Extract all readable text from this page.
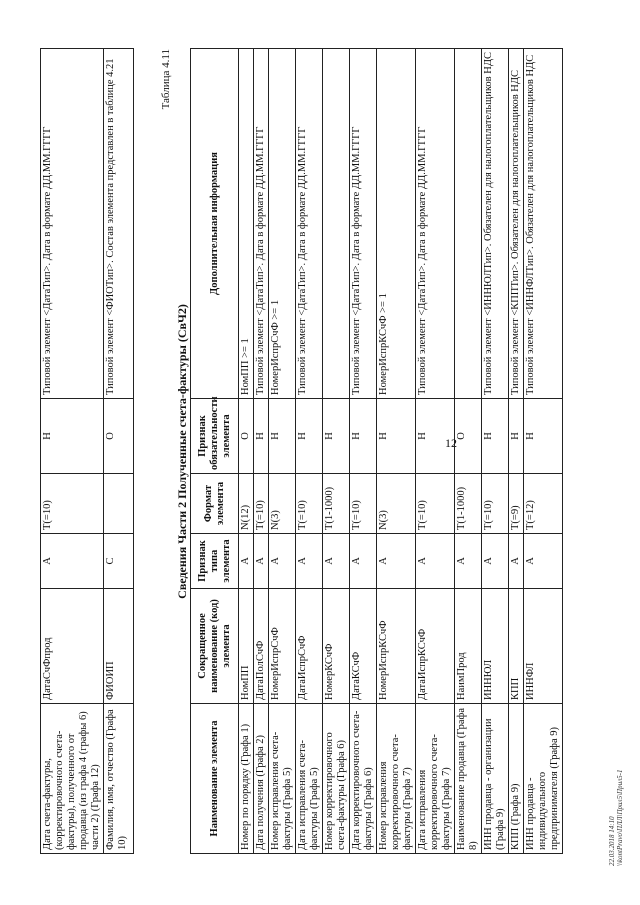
12
Дата счета-фактуры, (корректировочного счета-фактуры), полученного от продавца (из графа 4 (графы 6) части 2) (Графа 12)	ДатаСчФпрод	А	T(=10)	Н	Типовой элемент <ДатаТип>. Дата в формате ДД.ММ.ГГГГ
Фамилия, имя, отчество (Графа 10)	ФИОИП	С		О	Типовой элемент <ФИОТип>. Состав элемента представлен в таблице 4.21	Таблица 4.11
Сведения Части 2 Полученные счета-фактуры (СвЧ2)
Наименование элемента	Сокращенное наименование (код) элемента	Признак типа элемента	Формат элемента	Признак обязательности элемента	Дополнительная информация
Номер по порядку (Графа 1)	НомПП	А	N(12)	О	НомПП >= 1
Дата получения (Графа 2)	ДатаПолСчФ	А	T(=10)	Н	Типовой элемент <ДатаТип>. Дата в формате ДД.ММ.ГГГГ
Номер исправления счета-фактуры (Графа 5)	НомерИспрСчФ	А	N(3)	Н	НомерИспрСчФ >= 1
Дата исправления счета-фактуры (Графа 5)	ДатаИспрСчФ	А	T(=10)	Н	Типовой элемент <ДатаТип>. Дата в формате ДД.ММ.ГГГГ
Номер корректировочного счета-фактуры (Графа 6)	НомерКСчФ	А	T(1-1000)	Н	
Дата корректировочного счета-фактуры (Графа 6)	ДатаКСчФ	А	T(=10)	Н	Типовой элемент <ДатаТип>. Дата в формате ДД.ММ.ГГГГ
Номер исправления корректировочного счета-фактуры (Графа 7)	НомерИспрКСчФ	А	N(3)	Н	НомерИспрКСчФ >= 1
Дата исправления корректировочного счета-фактуры (Графа 7)	ДатаИспрКСчФ	А	T(=10)	Н	Типовой элемент <ДатаТип>. Дата в формате ДД.ММ.ГГГГ
Наименование продавца (Графа 8)	НаимПрод	А	T(1-1000)	О	
ИНН продавца - организации (Графа 9)	ИННЮЛ	А	T(=10)	Н	Типовой элемент <ИННЮЛТип>. Обязателен для налогоплательщиков НДС
КПП (Графа 9)	КПП	А	T(=9)	Н	Типовой элемент <КППТип>. Обязателен для налогоплательщиков НДС
ИНН продавца - индивидуального предпринимателя (Графа 9)	ИННФЛ	А	T(=12)	Н	Типовой элемент <ИННФЛТип>. Обязателен для налогоплательщиков НДС
22.03.2018 14:10 \\kontPravo\ПЛЛ\Прил5\Прил5-1
